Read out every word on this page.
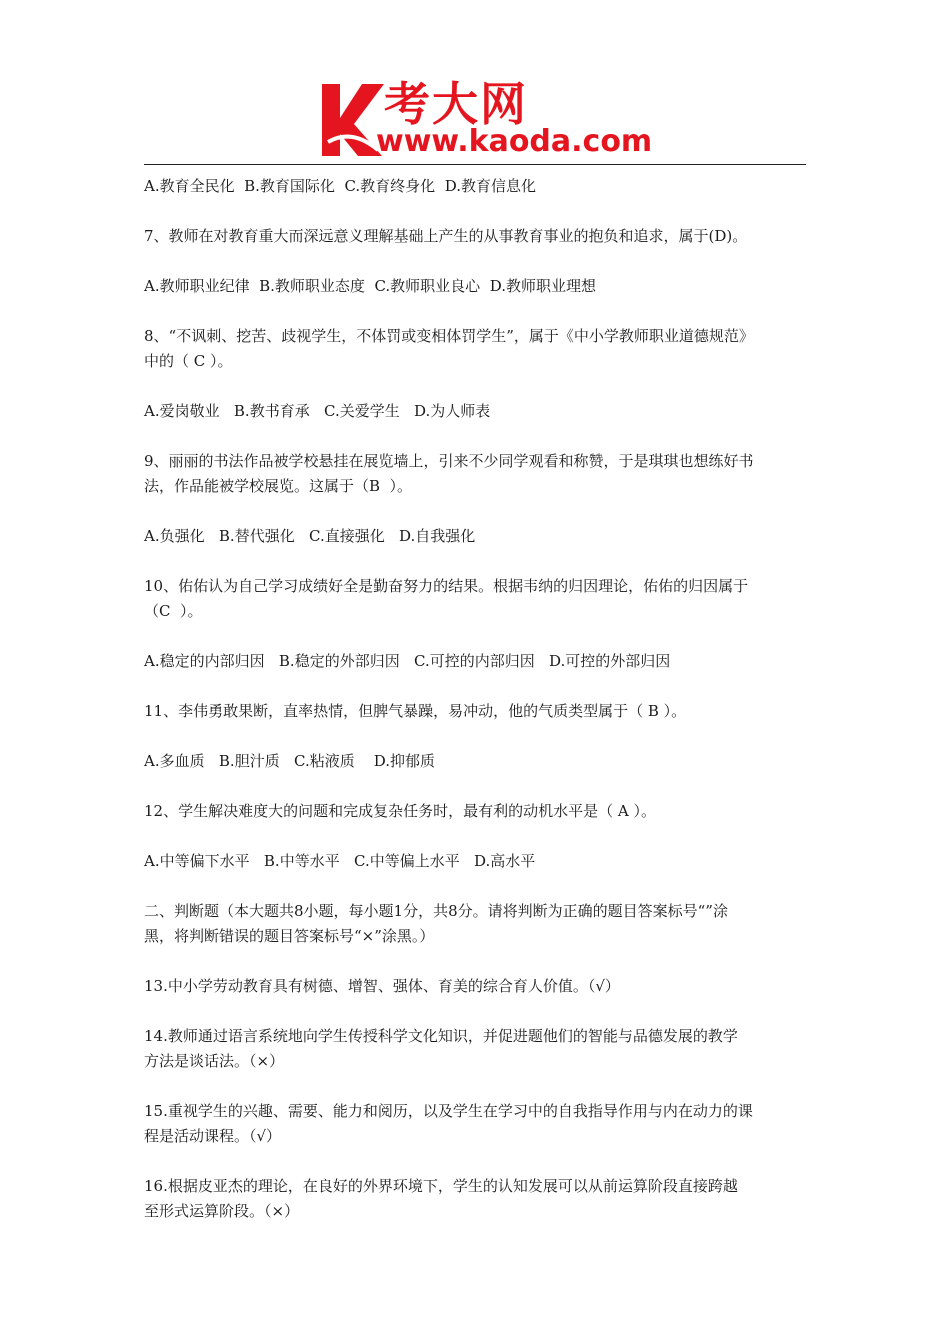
考大网
www.kaoda.com
A.教育全民化  B.教育国际化  C.教育终身化  D.教育信息化
7、教师在对教育重大而深远意义理解基础上产生的从事教育事业的抱负和追求，属于(D)。
A.教师职业纪律  B.教师职业态度  C.教师职业良心  D.教师职业理想
8、“不讽刺、挖苦、歧视学生，不体罚或变相体罚学生”，属于《中小学教师职业道德规范》
中的（ C ）。
A.爱岗敬业   B.教书育承   C.关爱学生   D.为人师表
9、丽丽的书法作品被学校悬挂在展览墙上，引来不少同学观看和称赞，于是琪琪也想练好书
法，作品能被学校展览。这属于（B  ）。
A.负强化   B.替代强化   C.直接强化   D.自我强化
10、佑佑认为自己学习成绩好全是勤奋努力的结果。根据韦纳的归因理论，佑佑的归因属于
（C  ）。
A.稳定的内部归因   B.稳定的外部归因   C.可控的内部归因   D.可控的外部归因
11、李伟勇敢果断，直率热情，但脾气暴躁，易冲动，他的气质类型属于（ B ）。
A.多血质   B.胆汁质   C.粘液质    D.抑郁质
12、学生解决难度大的问题和完成复杂任务时，最有利的动机水平是（ A ）。
A.中等偏下水平   B.中等水平   C.中等偏上水平   D.高水平
二、判断题（本大题共8小题，每小题1分，共8分。请将判断为正确的题目答案标号“”涂
黑，将判断错误的题目答案标号“×”涂黑。）
13.中小学劳动教育具有树德、增智、强体、育美的综合育人价值。（√）
14.教师通过语言系统地向学生传授科学文化知识，并促进题他们的智能与品德发展的教学
方法是谈话法。（×）
15.重视学生的兴趣、需要、能力和阅历，以及学生在学习中的自我指导作用与内在动力的课
程是活动课程。（√）
16.根据皮亚杰的理论，在良好的外界环境下，学生的认知发展可以从前运算阶段直接跨越
至形式运算阶段。（×）
